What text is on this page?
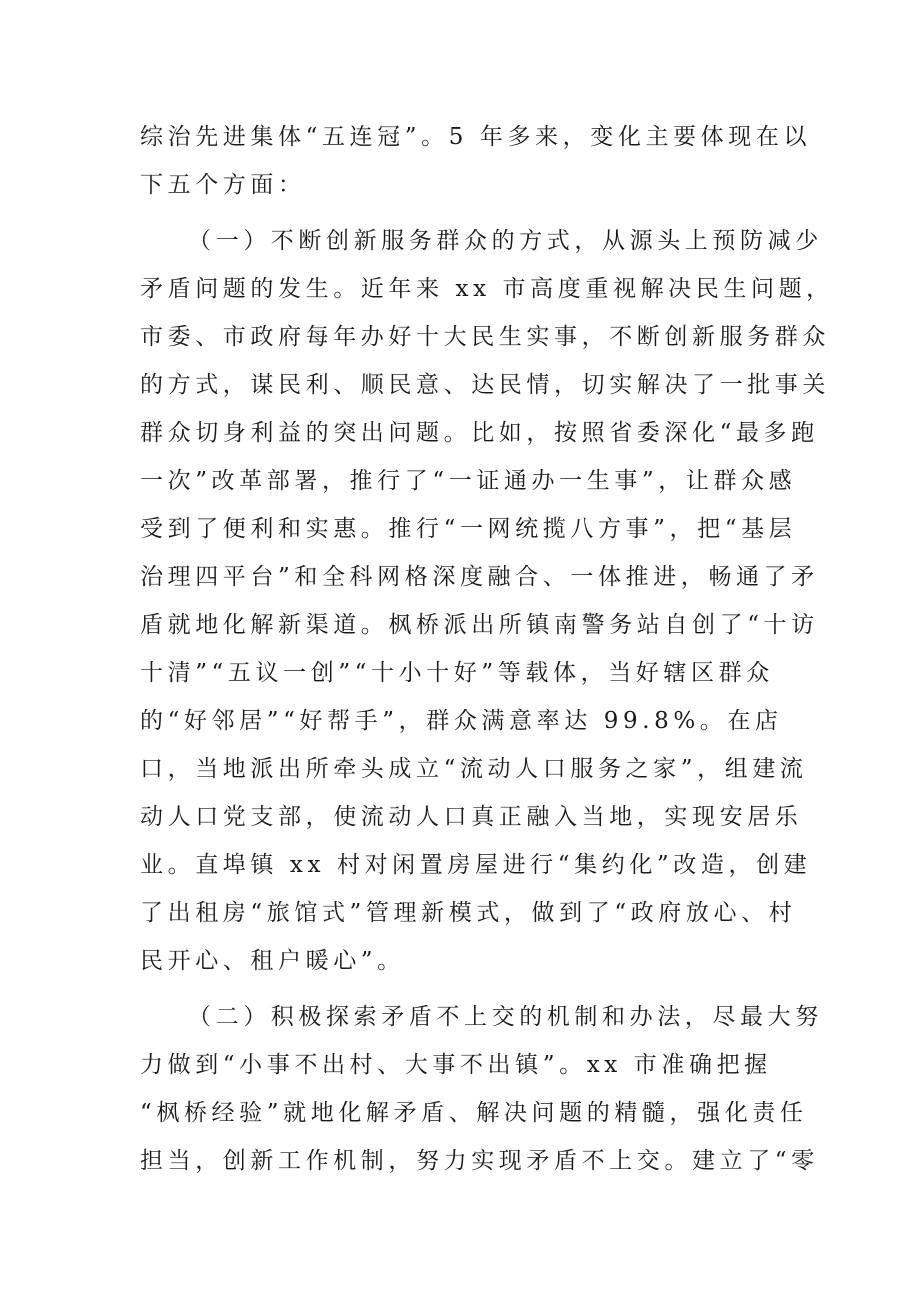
综治先进集体“五连冠”。5 年多来，变化主要体现在以
下五个方面：
（一）不断创新服务群众的方式，从源头上预防减少
矛盾问题的发生。近年来 xx 市高度重视解决民生问题，
市委、市政府每年办好十大民生实事，不断创新服务群众
的方式，谋民利、顺民意、达民情，切实解决了一批事关
群众切身利益的突出问题。比如，按照省委深化“最多跑
一次”改革部署，推行了“一证通办一生事”，让群众感
受到了便利和实惠。推行“一网统揽八方事”，把“基层
治理四平台”和全科网格深度融合、一体推进，畅通了矛
盾就地化解新渠道。枫桥派出所镇南警务站自创了“十访
十清”“五议一创”“十小十好”等载体，当好辖区群众
的“好邻居”“好帮手”，群众满意率达 99.8%。在店
口，当地派出所牵头成立“流动人口服务之家”，组建流
动人口党支部，使流动人口真正融入当地，实现安居乐
业。直埠镇 xx 村对闲置房屋进行“集约化”改造，创建
了出租房“旅馆式”管理新模式，做到了“政府放心、村
民开心、租户暖心”。
（二）积极探索矛盾不上交的机制和办法，尽最大努
力做到“小事不出村、大事不出镇”。xx 市准确把握
“枫桥经验”就地化解矛盾、解决问题的精髓，强化责任
担当，创新工作机制，努力实现矛盾不上交。建立了“零
